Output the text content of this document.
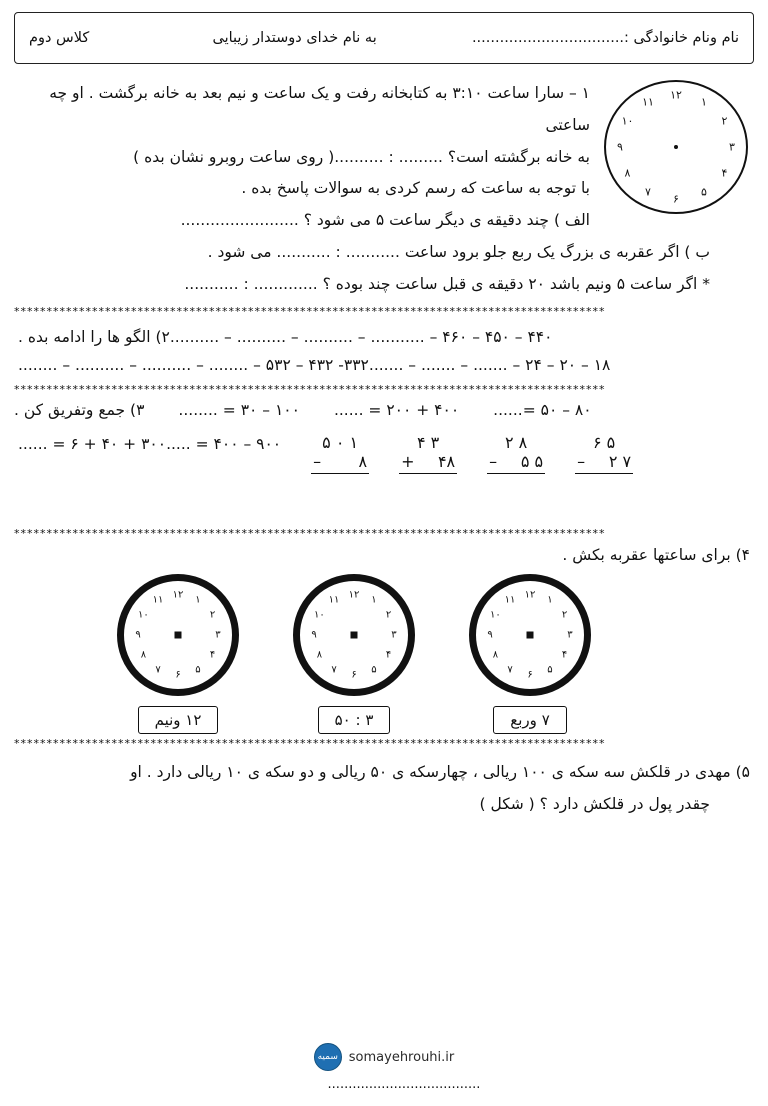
نام ونام خانوادگی :.................................
به نام خدای دوستدار زیبایی
کلاس دوم
۱۲
۱
۲
۳
۴
۵
۶
۷
۸
۹
۱۰
۱۱
۱ – سارا ساعت ۳:۱۰ به کتابخانه رفت و یک ساعت و نیم بعد به خانه برگشت . او چه ساعتی
به خانه برگشته است؟ ......... : ..........( روی ساعت روبرو نشان بده )
با توجه به ساعت که رسم کردی به سوالات پاسخ بده .
الف ) چند دقیقه ی دیگر ساعت ۵ می شود ؟ ........................
ب ) اگر عقربه ی بزرگ یک ربع جلو برود ساعت ........... : ........... می شود .
* اگر ساعت ۵ ونیم باشد ۲۰ دقیقه ی قبل ساعت چند بوده ؟ ............. : ...........
*******************************************************************************************
۲) الگو ها را ادامه بده . ۴۴۰ – ۴۵۰ – ۴۶۰ – ........... – .......... – .......... – ..........
۳۳۲- ۴۳۲ – ۵۳۲ – ........ – .......... – .......... – ........ ۱۸ – ۲۰ – ۲۴ – ....... – ....... – .......
*******************************************************************************************
۳) جمع وتفریق کن . ۱۰۰ – ۳۰ = ........ ۴۰۰ + ۲۰۰ = ...... ۸۰ – ۵۰ =......
۳۰۰ + ۴۰ + ۶ = ...... ۹۰۰ – ۴۰۰ = .....	۱ ۰ ۵
– ۸
۳ ۴
+ ۴۸
۸ ۲
– ۵ ۵
۵ ۶
– ۲ ۷
*******************************************************************************************
۴) برای ساعتها عقربه بکش .
۱۲ ۱
۲
۳
۴
۵
۶
۷
۸
۹
۱۰
۱۱
۱۲ ونیم
۱۲ ۱
۲
۳
۴
۵
۶
۷
۸
۹
۱۰
۱۱
۳ : ۵۰
۱۲ ۱
۲
۳
۴
۵
۶
۷
۸
۹
۱۰
۱۱
۷ وربع
*******************************************************************************************
۵) مهدی در قلکش سه سکه ی ۱۰۰ ریالی ، چهارسکه ی ۵۰ ریالی و دو سکه ی ۱۰ ریالی دارد . او
چقدر پول در قلکش دارد ؟ ( شکل )
سمیه somayehrouhi.ir
.....................................
